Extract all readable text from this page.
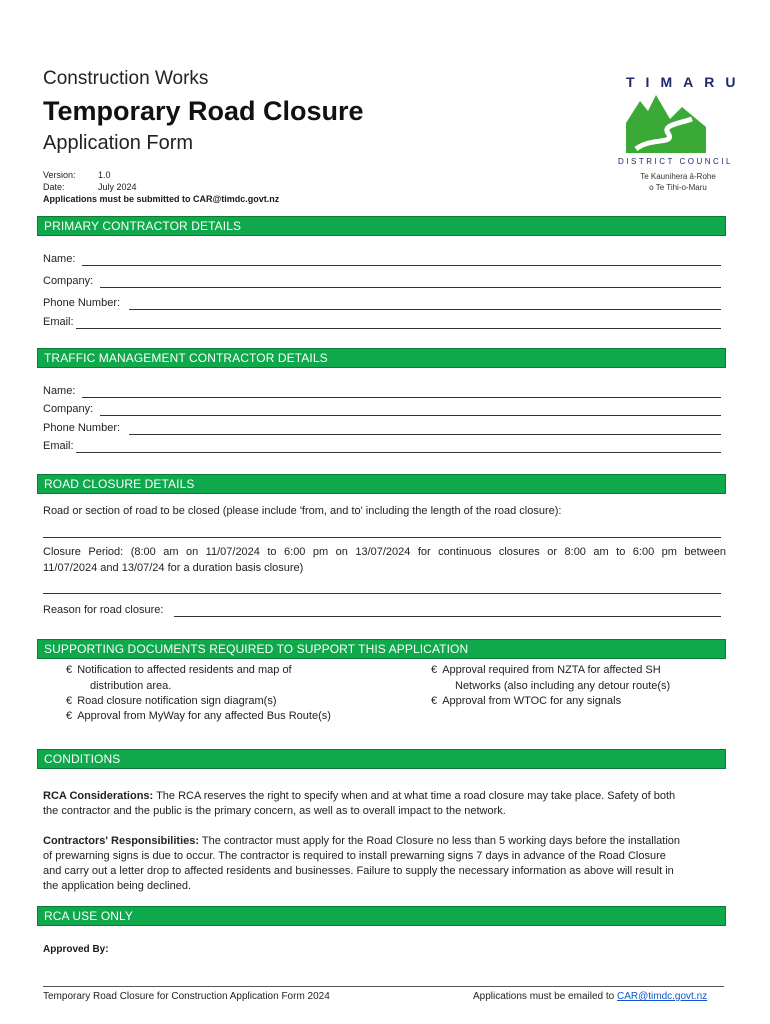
Construction Works
Temporary Road Closure
Application Form
Version: 1.0
Date:	July 2024
Applications must be submitted to CAR@timdc.govt.nz
TIMARU
DISTRICT COUNCIL
Te Kaunihera ā-Rohe
o Te Tihi-o-Maru
PRIMARY CONTRACTOR DETAILS
Name:
Company:
Phone Number:
Email:
TRAFFIC MANAGEMENT CONTRACTOR DETAILS
Name:
Company:
Phone Number:
Email:
ROAD CLOSURE DETAILS
Road or section of road to be closed (please include 'from, and to' including the length of the road closure):
Closure Period: (8:00 am on 11/07/2024 to 6:00 pm on 13/07/2024 for continuous closures or 8:00 am to 6:00 pm between
11/07/2024 and 13/07/24 for a duration basis closure)
Reason for road closure:
SUPPORTING DOCUMENTS REQUIRED TO SUPPORT THIS APPLICATION
€ Notification to affected residents and map of
distribution area.
€ Road closure notification sign diagram(s)
€ Approval from MyWay for any affected Bus Route(s)
€ Approval required from NZTA for affected SH
Networks (also including any detour route(s)
€ Approval from WTOC for any signals
CONDITIONS
RCA Considerations: The RCA reserves the right to specify when and at what time a road closure may take place. Safety of both
the contractor and the public is the primary concern, as well as to overall impact to the network.
Contractors' Responsibilities: The contractor must apply for the Road Closure no less than 5 working days before the installation
of prewarning signs is due to occur. The contractor is required to install prewarning signs 7 days in advance of the Road Closure
and carry out a letter drop to affected residents and businesses. Failure to supply the necessary information as above will result in
the application being declined.
RCA USE ONLY
Approved By:
Temporary Road Closure for Construction Application Form 2024	Applications must be emailed to CAR@timdc.govt.nz
